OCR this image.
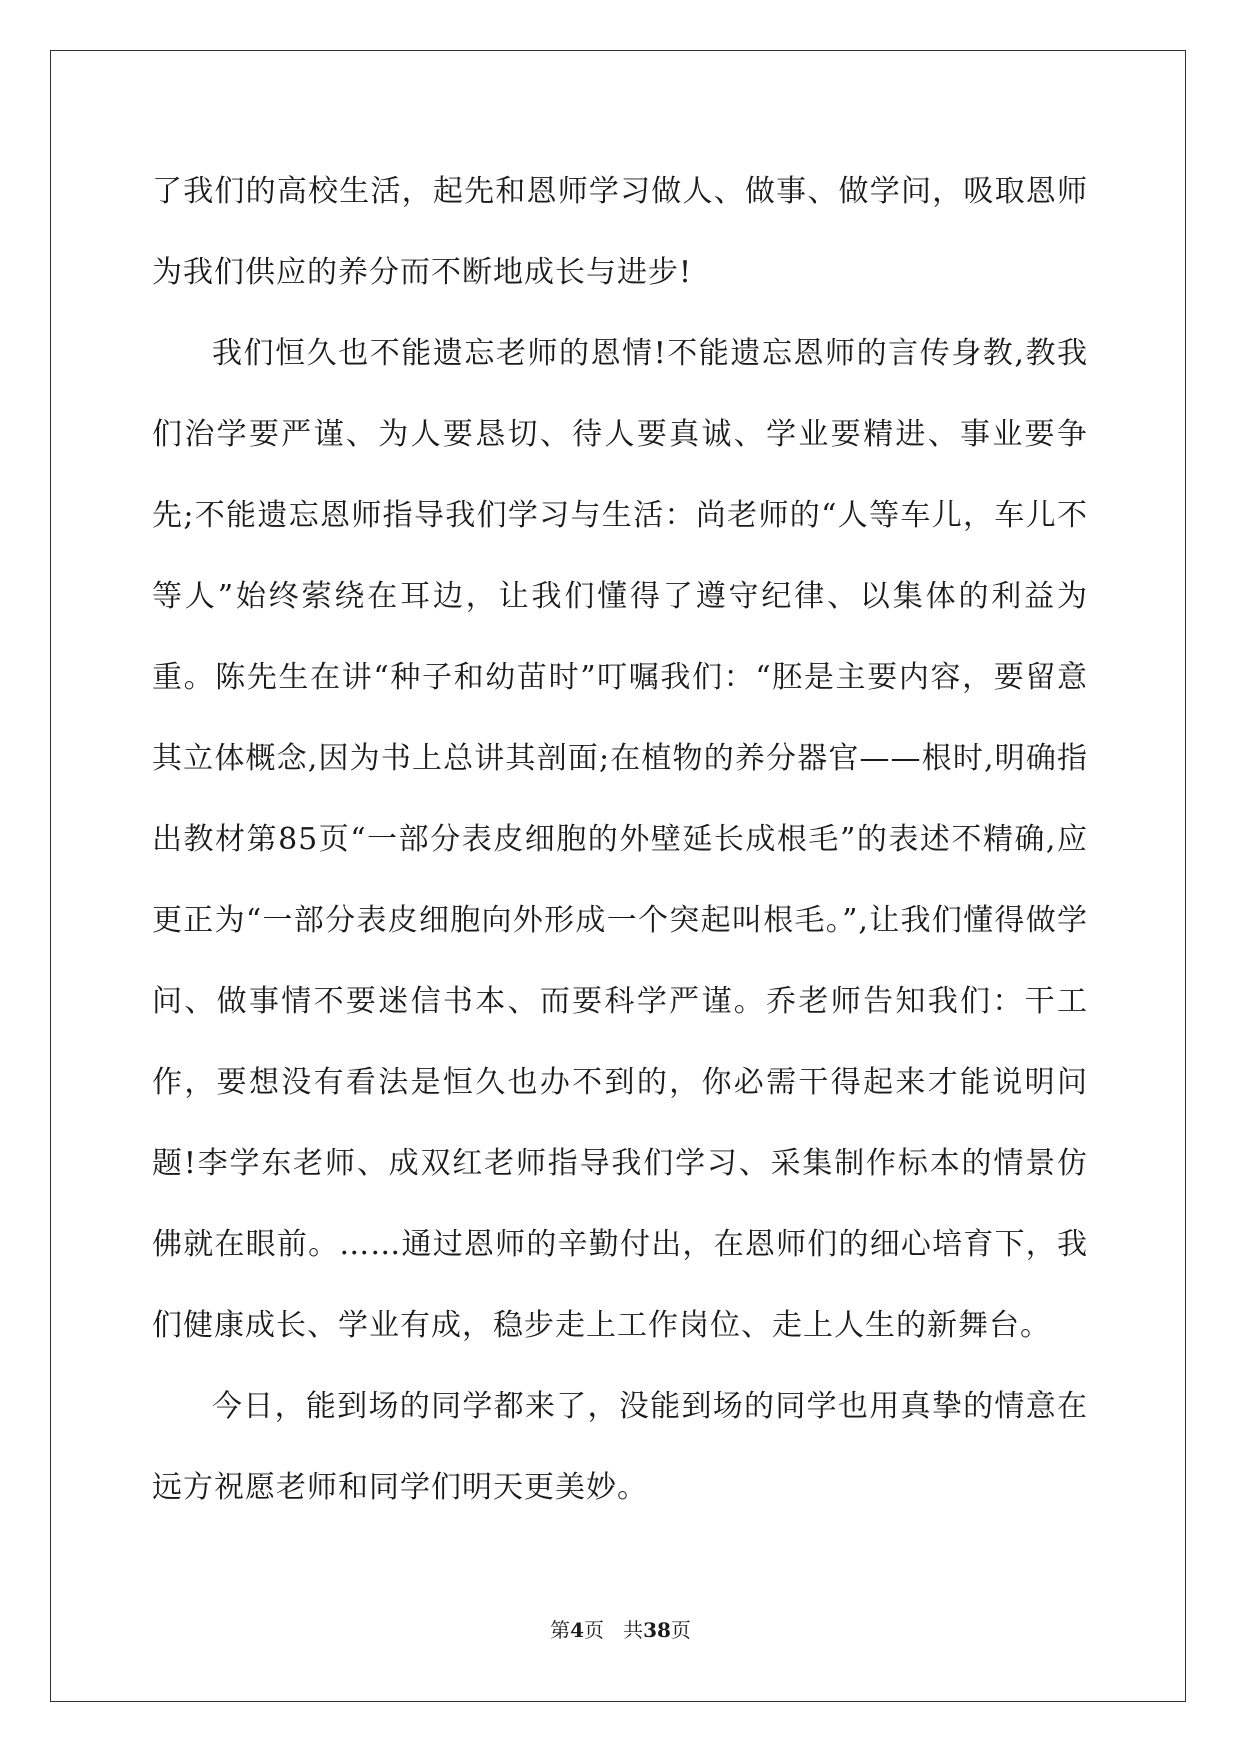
了我们的高校生活，起先和恩师学习做人、做事、做学问，吸取恩师为我们供应的养分而不断地成长与进步!

我们恒久也不能遗忘老师的恩情!不能遗忘恩师的言传身教,教我们治学要严谨、为人要恳切、待人要真诚、学业要精进、事业要争先;不能遗忘恩师指导我们学习与生活：尚老师的“人等车儿，车儿不等人”始终萦绕在耳边，让我们懂得了遵守纪律、以集体的利益为重。陈先生在讲“种子和幼苗时”叮嘱我们：“胚是主要内容，要留意其立体概念,因为书上总讲其剖面;在植物的养分器官——根时,明确指出教材第85页“一部分表皮细胞的外壁延长成根毛”的表述不精确,应更正为“一部分表皮细胞向外形成一个突起叫根毛。”,让我们懂得做学问、做事情不要迷信书本、而要科学严谨。乔老师告知我们：干工作，要想没有看法是恒久也办不到的，你必需干得起来才能说明问题!李学东老师、成双红老师指导我们学习、采集制作标本的情景仿佛就在眼前。……通过恩师的辛勤付出，在恩师们的细心培育下，我们健康成长、学业有成，稳步走上工作岗位、走上人生的新舞台。

今日，能到场的同学都来了，没能到场的同学也用真挚的情意在远方祝愿老师和同学们明天更美妙。

第4页 共38页
